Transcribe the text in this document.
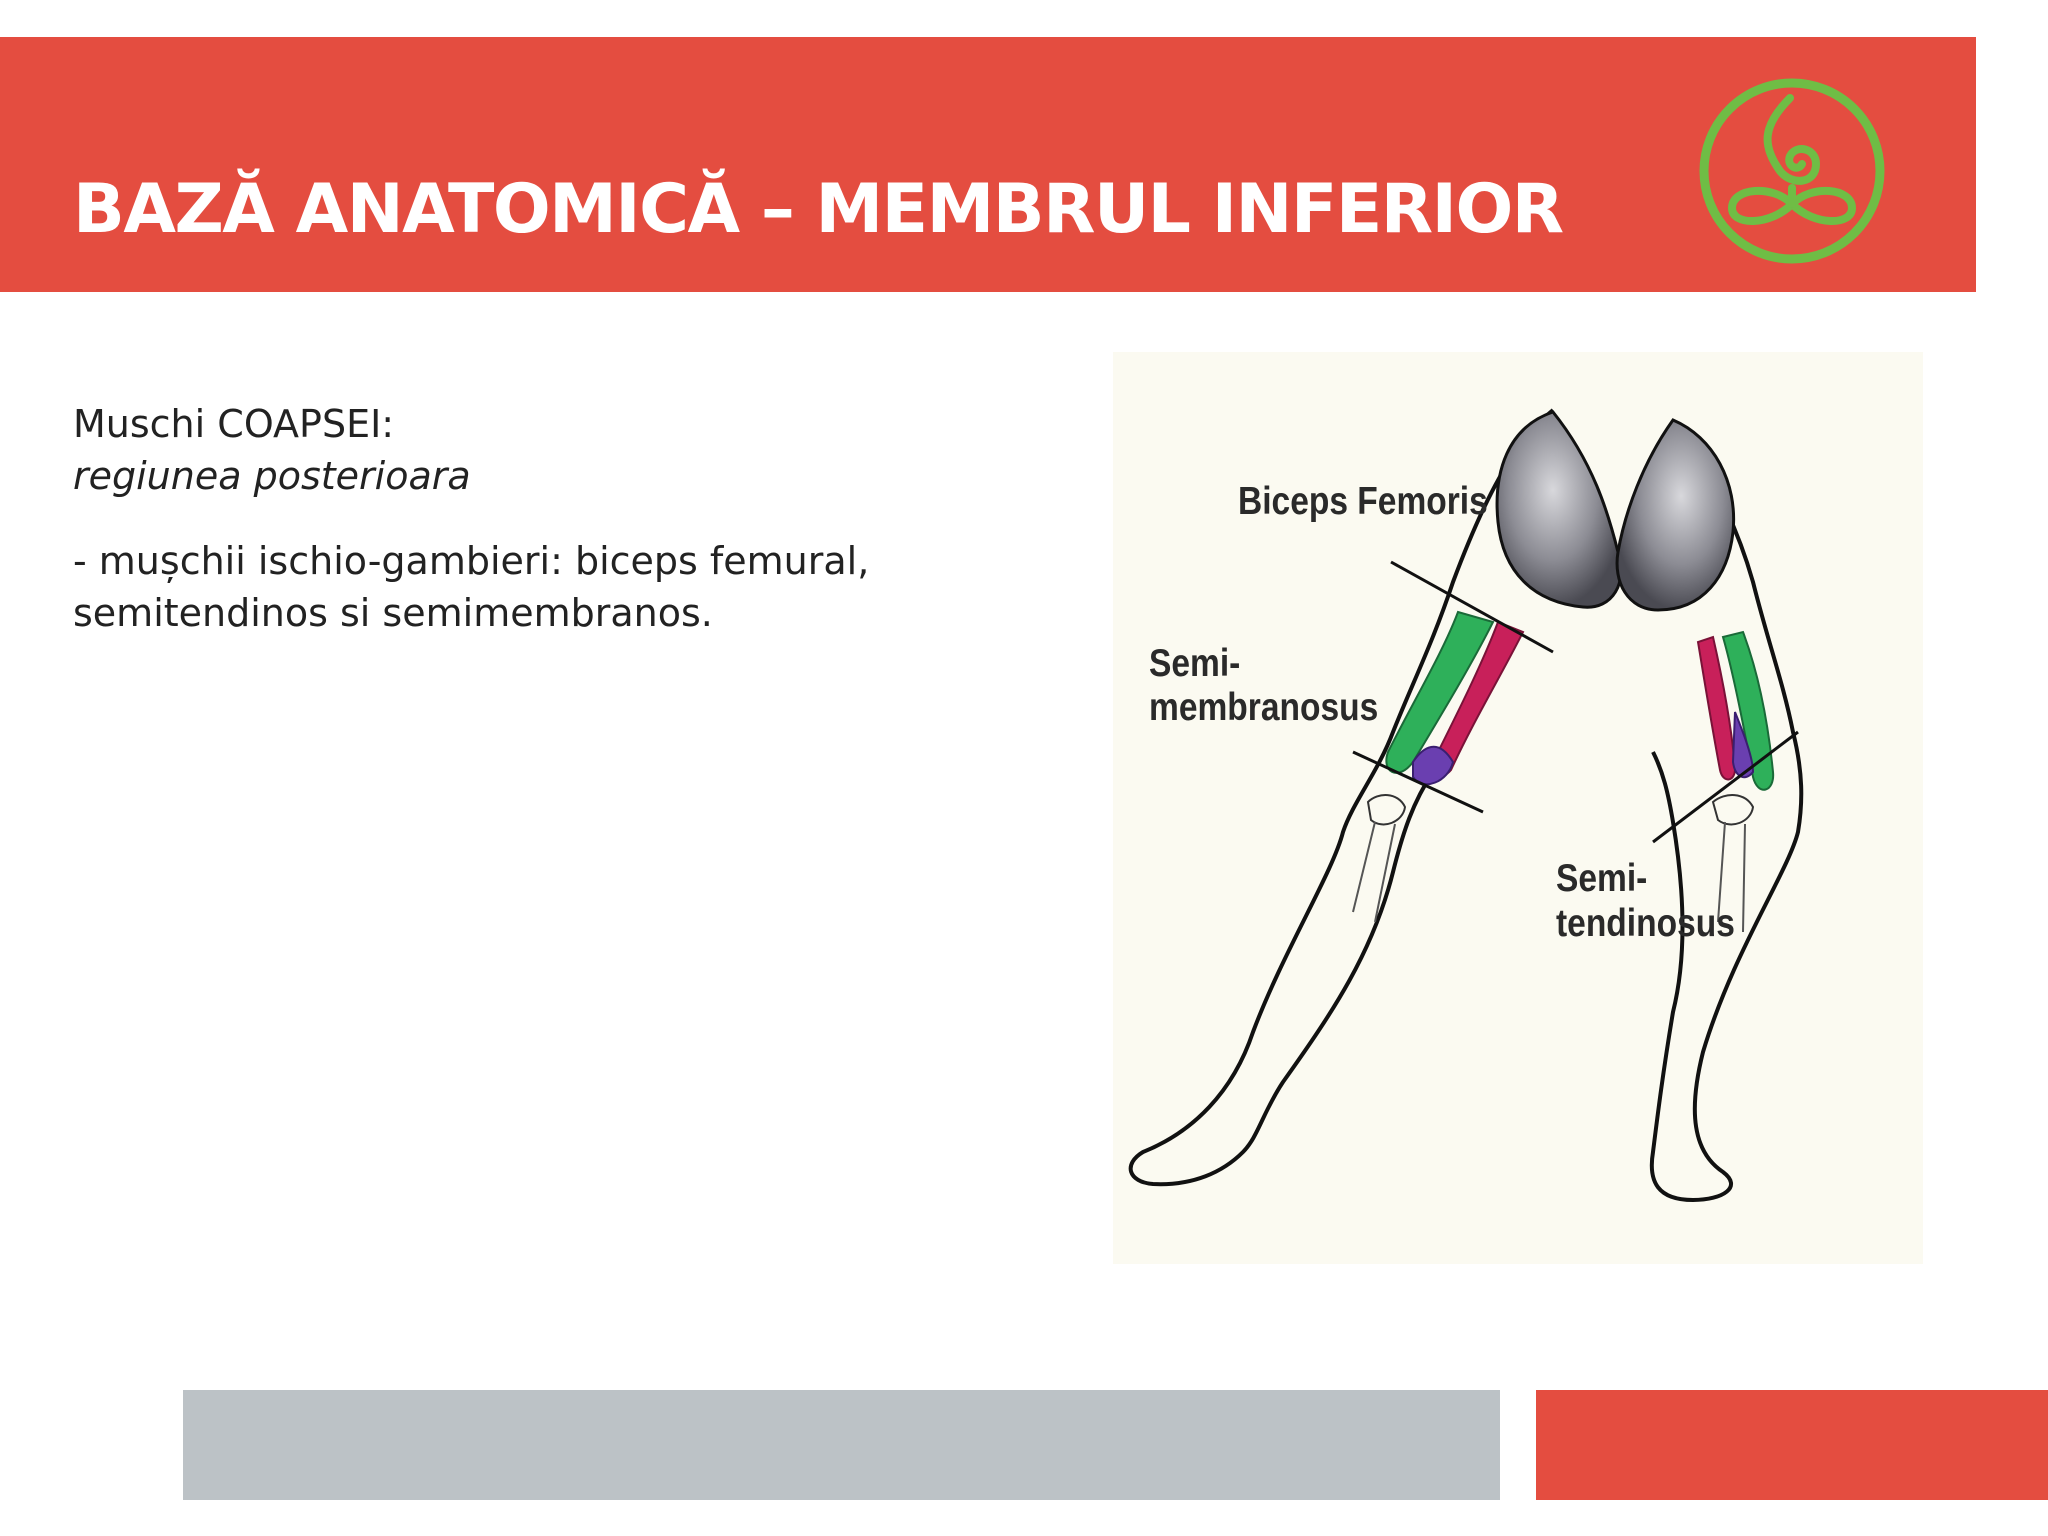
BAZĂ ANATOMICĂ – MEMBRUL INFERIOR
Muschi COAPSEI:
regiunea posterioara
- mușchii ischio-gambieri: biceps femural, semitendinos si semimembranos.
Biceps Femoris
Semi-
membranosus
Semi-
tendinosus
